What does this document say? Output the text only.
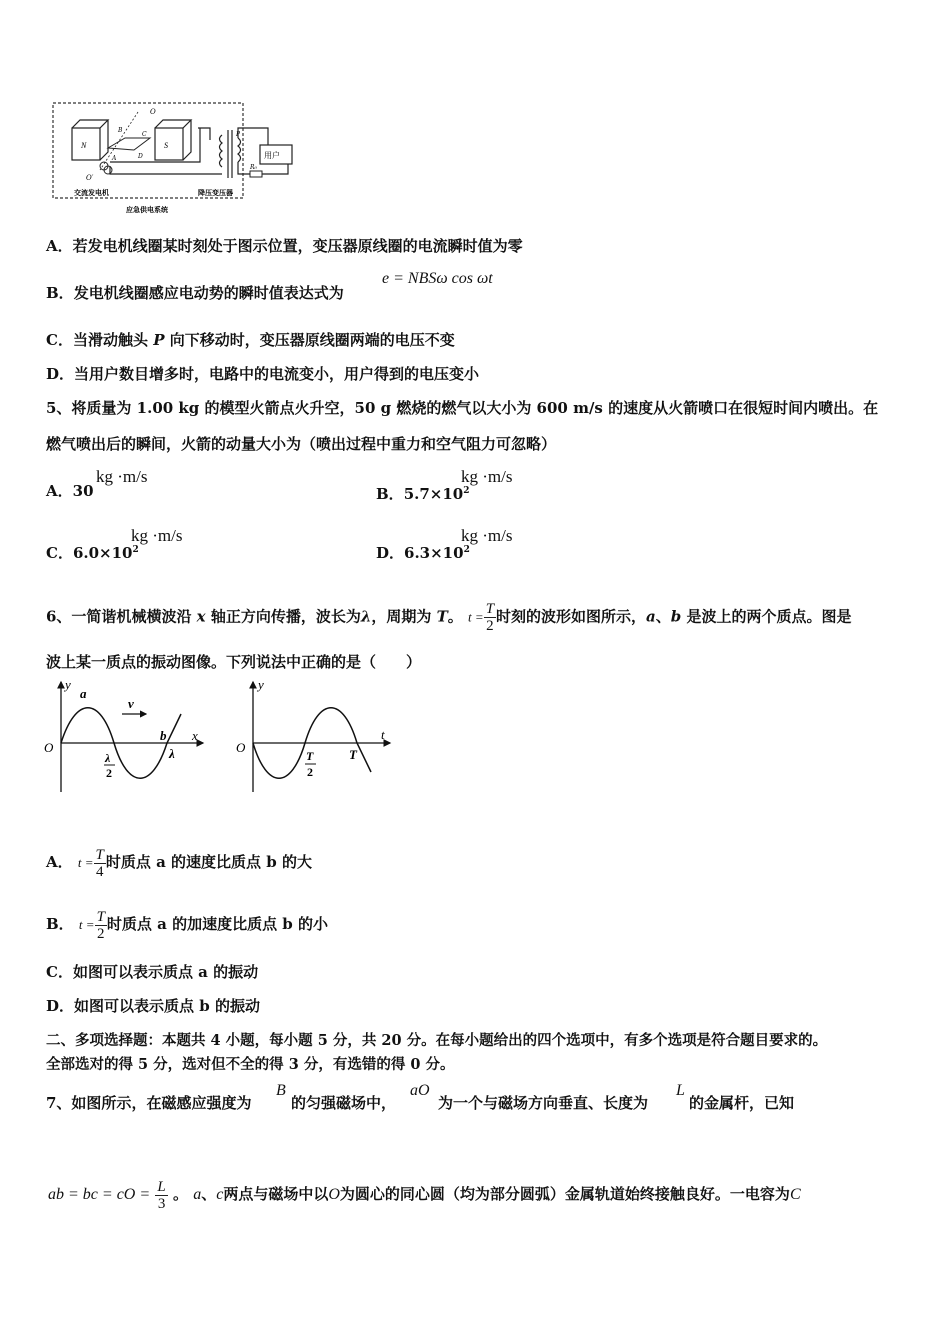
N	S
O
O′
B
C
D
A
P
R₀
用户
交流发电机	降压变压器
应急供电系统
A．若发电机线圈某时刻处于图示位置，变压器原线圈的电流瞬时值为零
B．发电机线圈感应电动势的瞬时值表达式为
e = NBSω cos ωt
C．当滑动触头 P 向下移动时，变压器原线圈两端的电压不变
D．当用户数目增多时，电路中的电流变小，用户得到的电压变小
5、将质量为 1.00 kg 的模型火箭点火升空，50 g 燃烧的燃气以大小为 600 m/s 的速度从火箭喷口在很短时间内喷出。在
燃气喷出后的瞬间，火箭的动量大小为（喷出过程中重力和空气阻力可忽略）
A．30
kg ·m/s
B．$5.7\times 10^2$
kg ·m/s
C．$6.0\times 10^2$
kg ·m/s
D．$6.3\times 10^2$
kg ·m/s
6、一简谐机械横波沿 x 轴正方向传播，波长为λ，周期为 T。 $t = \frac{T}{2}$ 时刻的波形如图所示，a、b 是波上的两个质点。图是
波上某一质点的振动图像。下列说法中正确的是（　　）
y
x
O
a
b
v
λ
λ
2
y
t
O	T
T
2
A． $t = \frac{T}{4}$ 时质点 a 的速度比质点 b 的大
B． $t = \frac{T}{2}$ 时质点 a 的加速度比质点 b 的小
C．如图可以表示质点 a 的振动
D．如图可以表示质点 b 的振动
二、多项选择题：本题共 4 小题，每小题 5 分，共 20 分。在每小题给出的四个选项中，有多个选项是符合题目要求的。
全部选对的得 5 分，选对但不全的得 3 分，有选错的得 0 分。
7、如图所示，在磁感应强度为
B
的匀强磁场中，
aO
为一个与磁场方向垂直、长度为
L
的金属杆，已知
ab = bc = cO = $\frac{L}{3}$ 。 a、c两点与磁场中以O为圆心的同心圆（均为部分圆弧）金属轨道始终接触良好。一电容为C
